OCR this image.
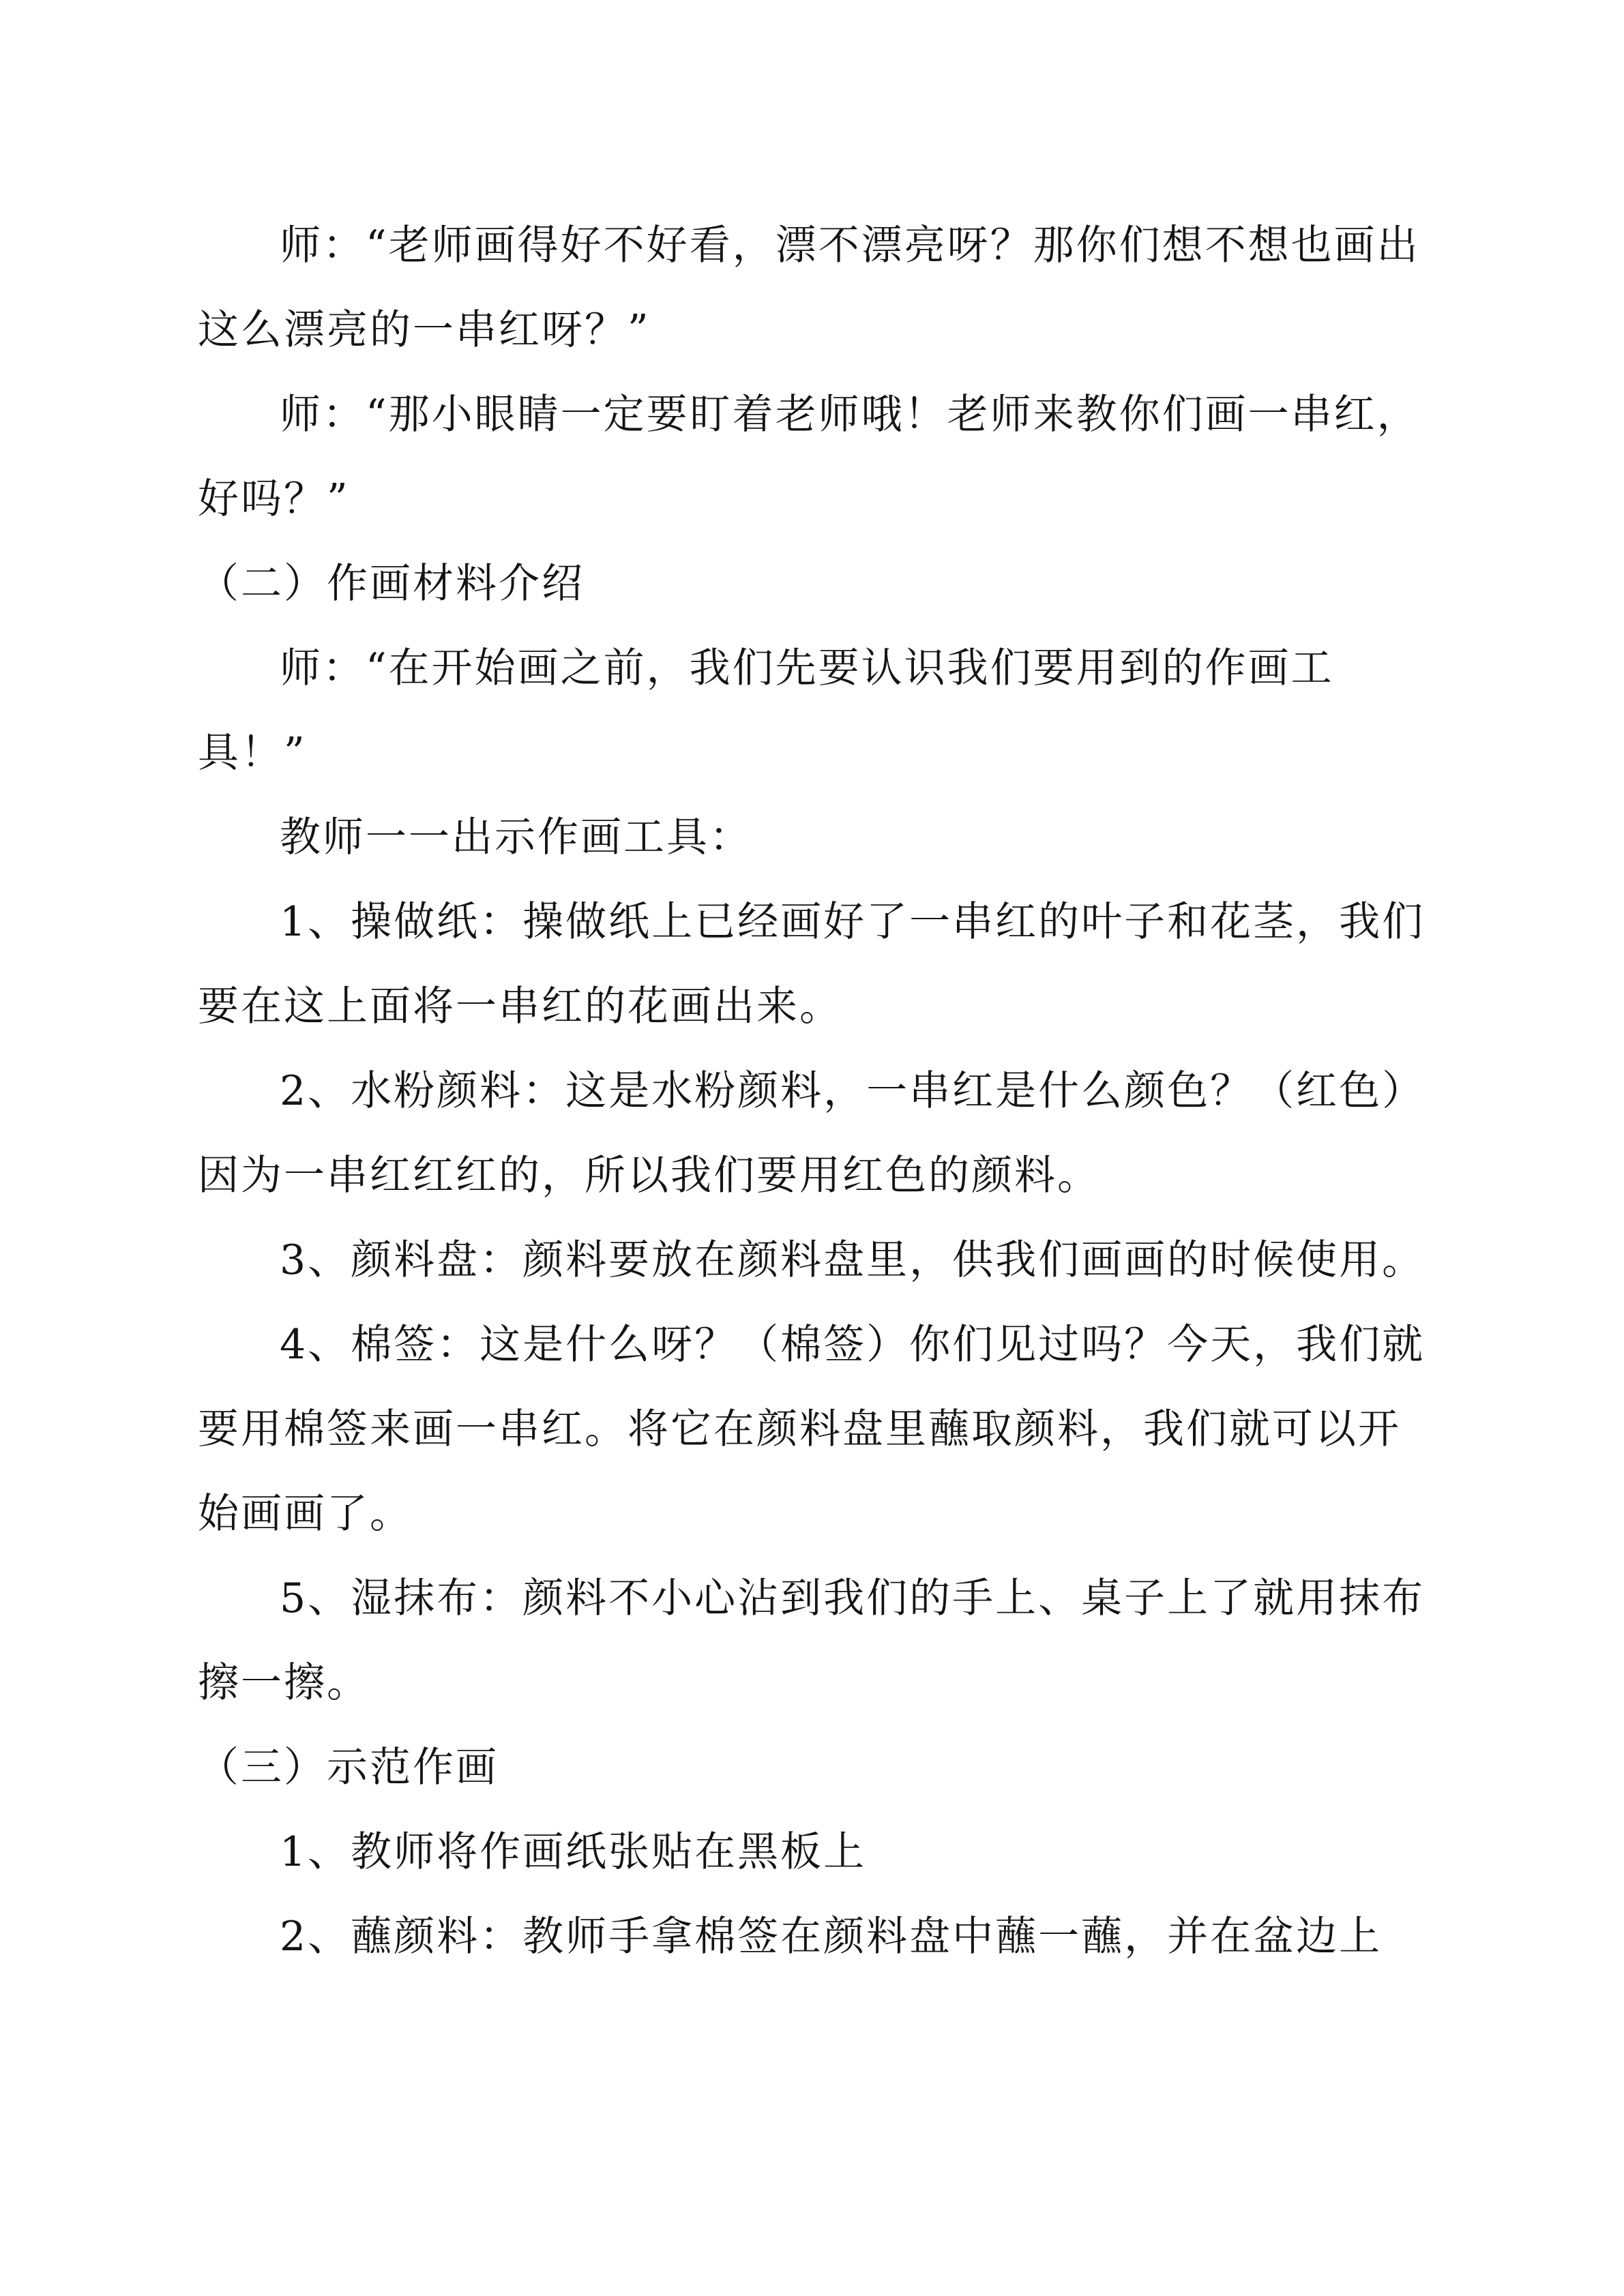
师：“老师画得好不好看，漂不漂亮呀？那你们想不想也画出这么漂亮的一串红呀？”

师：“那小眼睛一定要盯着老师哦！老师来教你们画一串红，好吗？”

（二）作画材料介绍

师：“在开始画之前，我们先要认识我们要用到的作画工具！”

教师一一出示作画工具：

1、操做纸：操做纸上已经画好了一串红的叶子和花茎，我们要在这上面将一串红的花画出来。

2、水粉颜料：这是水粉颜料，一串红是什么颜色？（红色）因为一串红红红的，所以我们要用红色的颜料。

3、颜料盘：颜料要放在颜料盘里，供我们画画的时候使用。

4、棉签：这是什么呀？（棉签）你们见过吗？今天，我们就要用棉签来画一串红。将它在颜料盘里蘸取颜料，我们就可以开始画画了。

5、湿抹布：颜料不小心沾到我们的手上、桌子上了就用抹布擦一擦。

（三）示范作画

1、教师将作画纸张贴在黑板上

2、蘸颜料：教师手拿棉签在颜料盘中蘸一蘸，并在盆边上
